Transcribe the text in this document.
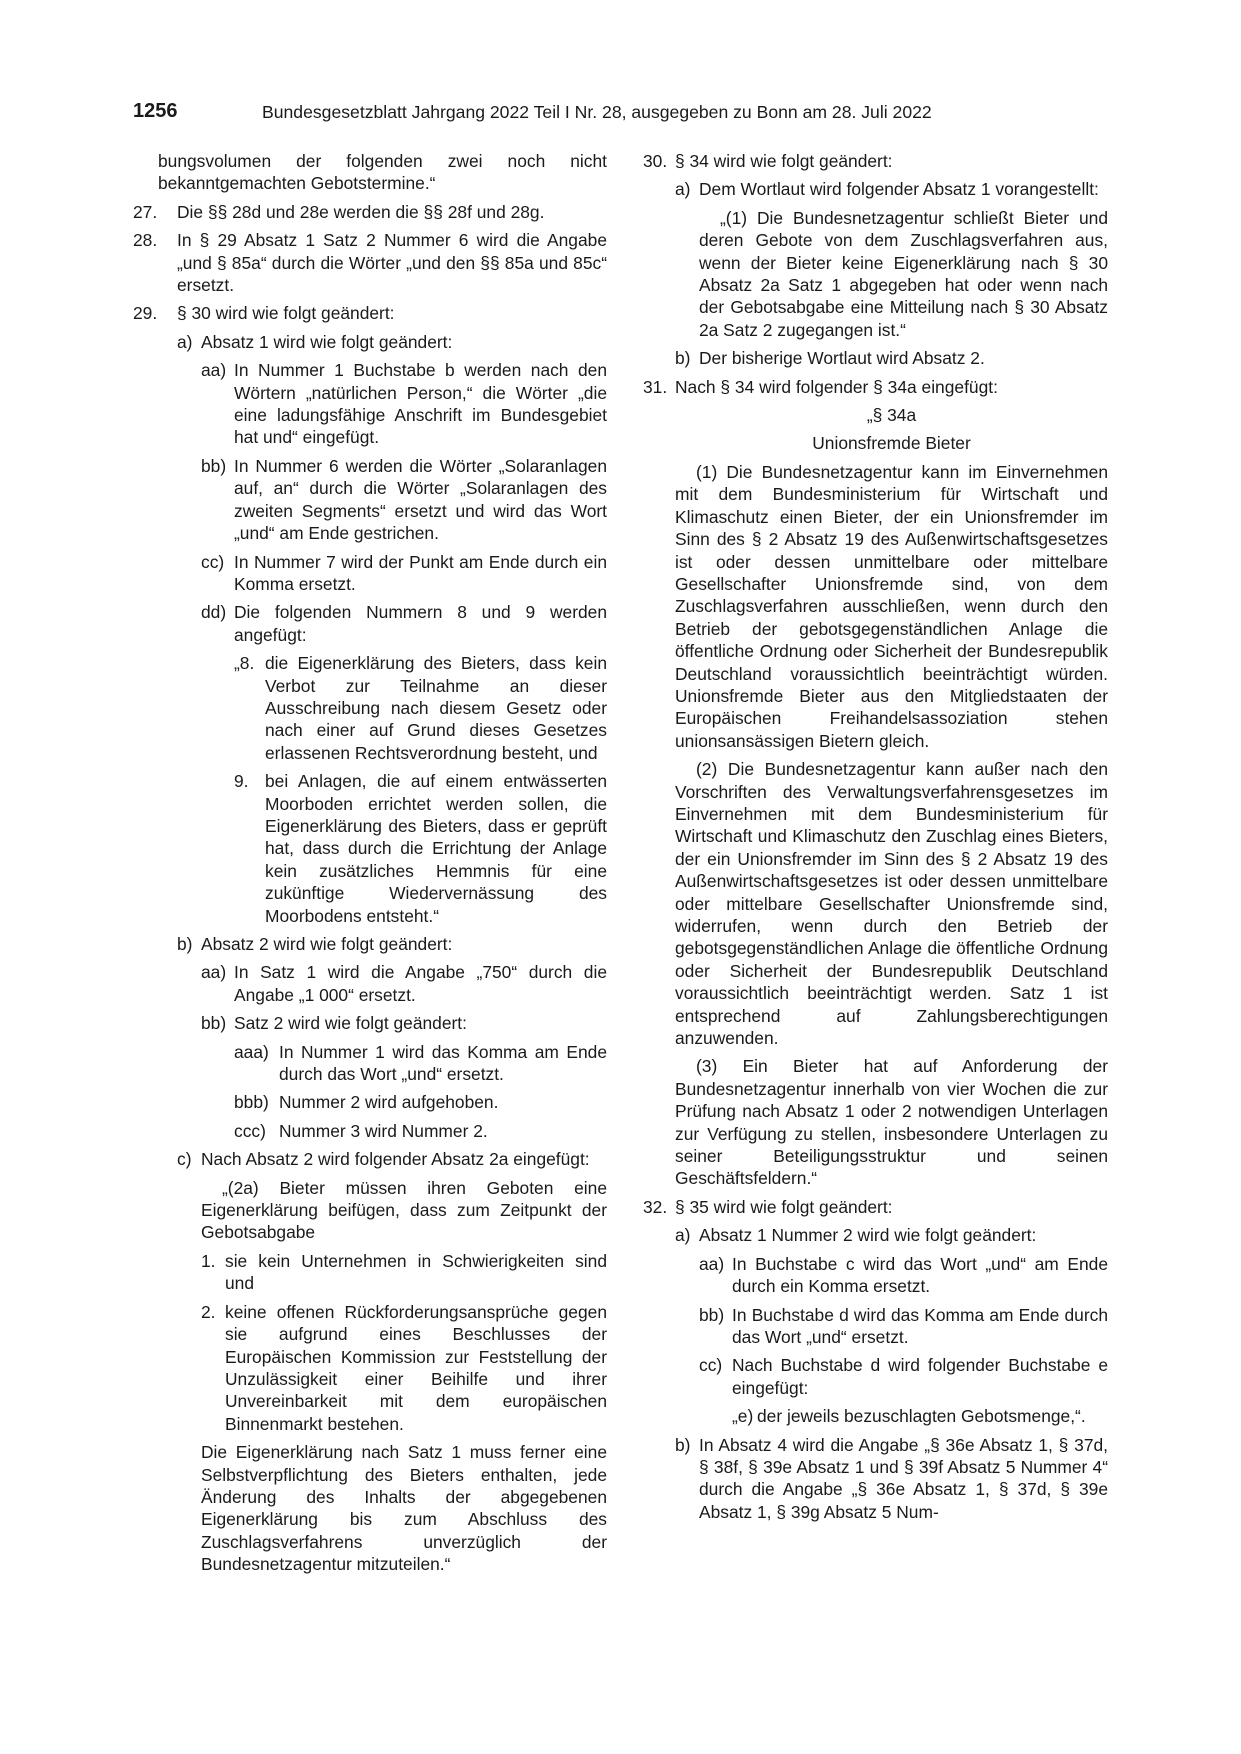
1256	Bundesgesetzblatt Jahrgang 2022 Teil I Nr. 28, ausgegeben zu Bonn am 28. Juli 2022
bungsvolumen der folgenden zwei noch nicht bekanntgemachten Gebotstermine.“
27. Die §§ 28d und 28e werden die §§ 28f und 28g.
28. In § 29 Absatz 1 Satz 2 Nummer 6 wird die Angabe „und § 85a“ durch die Wörter „und den §§ 85a und 85c“ ersetzt.
29. § 30 wird wie folgt geändert:
a) Absatz 1 wird wie folgt geändert:
aa) In Nummer 1 Buchstabe b werden nach den Wörtern „natürlichen Person,“ die Wörter „die eine ladungsfähige Anschrift im Bundesgebiet hat und“ eingefügt.
bb) In Nummer 6 werden die Wörter „Solaranlagen auf, an“ durch die Wörter „Solaranlagen des zweiten Segments“ ersetzt und wird das Wort „und“ am Ende gestrichen.
cc) In Nummer 7 wird der Punkt am Ende durch ein Komma ersetzt.
dd) Die folgenden Nummern 8 und 9 werden angefügt:
„8. die Eigenerklärung des Bieters, dass kein Verbot zur Teilnahme an dieser Ausschreibung nach diesem Gesetz oder nach einer auf Grund dieses Gesetzes erlassenen Rechtsverordnung besteht, und
9. bei Anlagen, die auf einem entwässerten Moorboden errichtet werden sollen, die Eigenerklärung des Bieters, dass er geprüft hat, dass durch die Errichtung der Anlage kein zusätzliches Hemmnis für eine zukünftige Wiedervernässung des Moorbodens entsteht.“
b) Absatz 2 wird wie folgt geändert:
aa) In Satz 1 wird die Angabe „750“ durch die Angabe „1 000“ ersetzt.
bb) Satz 2 wird wie folgt geändert:
aaa) In Nummer 1 wird das Komma am Ende durch das Wort „und“ ersetzt.
bbb) Nummer 2 wird aufgehoben.
ccc) Nummer 3 wird Nummer 2.
c) Nach Absatz 2 wird folgender Absatz 2a eingefügt:
„(2a) Bieter müssen ihren Geboten eine Eigenerklärung beifügen, dass zum Zeitpunkt der Gebotsabgabe
1. sie kein Unternehmen in Schwierigkeiten sind und
2. keine offenen Rückforderungsansprüche gegen sie aufgrund eines Beschlusses der Europäischen Kommission zur Feststellung der Unzulässigkeit einer Beihilfe und ihrer Unvereinbarkeit mit dem europäischen Binnenmarkt bestehen.
Die Eigenerklärung nach Satz 1 muss ferner eine Selbstverpflichtung des Bieters enthalten, jede Änderung des Inhalts der abgegebenen Eigenerklärung bis zum Abschluss des Zuschlagsverfahrens unverzüglich der Bundesnetzagentur mitzuteilen.“
30. § 34 wird wie folgt geändert:
a) Dem Wortlaut wird folgender Absatz 1 vorangestellt:
„(1) Die Bundesnetzagentur schließt Bieter und deren Gebote von dem Zuschlagsverfahren aus, wenn der Bieter keine Eigenerklärung nach § 30 Absatz 2a Satz 1 abgegeben hat oder wenn nach der Gebotsabgabe eine Mitteilung nach § 30 Absatz 2a Satz 2 zugegangen ist.“
b) Der bisherige Wortlaut wird Absatz 2.
31. Nach § 34 wird folgender § 34a eingefügt:
„§ 34a
Unionsfremde Bieter
(1) Die Bundesnetzagentur kann im Einvernehmen mit dem Bundesministerium für Wirtschaft und Klimaschutz einen Bieter, der ein Unionsfremder im Sinn des § 2 Absatz 19 des Außenwirtschaftsgesetzes ist oder dessen unmittelbare oder mittelbare Gesellschafter Unionsfremde sind, von dem Zuschlagsverfahren ausschließen, wenn durch den Betrieb der gebotsgegenständlichen Anlage die öffentliche Ordnung oder Sicherheit der Bundesrepublik Deutschland voraussichtlich beeinträchtigt würden. Unionsfremde Bieter aus den Mitgliedstaaten der Europäischen Freihandelsassoziation stehen unionsansässigen Bietern gleich.
(2) Die Bundesnetzagentur kann außer nach den Vorschriften des Verwaltungsverfahrensgesetzes im Einvernehmen mit dem Bundesministerium für Wirtschaft und Klimaschutz den Zuschlag eines Bieters, der ein Unionsfremder im Sinn des § 2 Absatz 19 des Außenwirtschaftsgesetzes ist oder dessen unmittelbare oder mittelbare Gesellschafter Unionsfremde sind, widerrufen, wenn durch den Betrieb der gebotsgegenständlichen Anlage die öffentliche Ordnung oder Sicherheit der Bundesrepublik Deutschland voraussichtlich beeinträchtigt werden. Satz 1 ist entsprechend auf Zahlungsberechtigungen anzuwenden.
(3) Ein Bieter hat auf Anforderung der Bundesnetzagentur innerhalb von vier Wochen die zur Prüfung nach Absatz 1 oder 2 notwendigen Unterlagen zur Verfügung zu stellen, insbesondere Unterlagen zu seiner Beteiligungsstruktur und seinen Geschäftsfeldern.“
32. § 35 wird wie folgt geändert:
a) Absatz 1 Nummer 2 wird wie folgt geändert:
aa) In Buchstabe c wird das Wort „und“ am Ende durch ein Komma ersetzt.
bb) In Buchstabe d wird das Komma am Ende durch das Wort „und“ ersetzt.
cc) Nach Buchstabe d wird folgender Buchstabe e eingefügt:
„e) der jeweils bezuschlagten Gebotsmenge,“.
b) In Absatz 4 wird die Angabe „§ 36e Absatz 1, § 37d, § 38f, § 39e Absatz 1 und § 39f Absatz 5 Nummer 4“ durch die Angabe „§ 36e Absatz 1, § 37d, § 39e Absatz 1, § 39g Absatz 5 Num-
